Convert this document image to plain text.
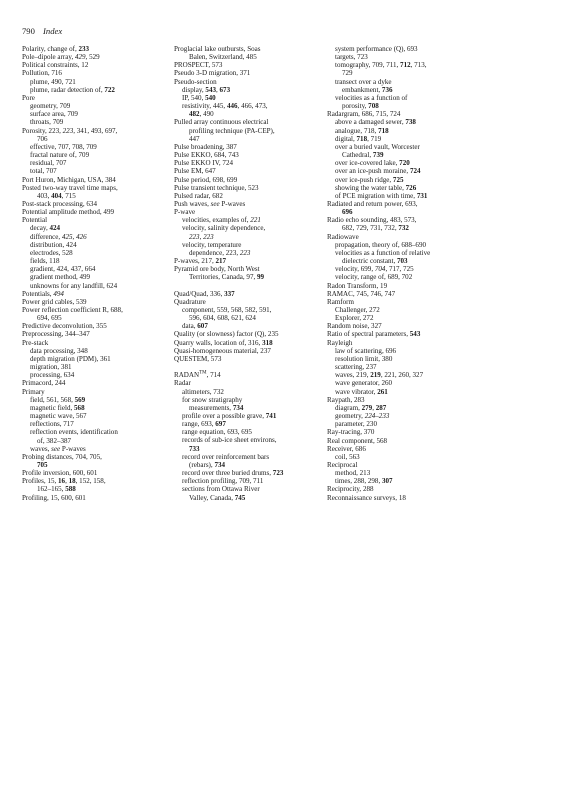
790 Index
Polarity, change of, 233
Pole–dipole array, 429, 529
Political constraints, 12
Pollution, 716
plume, 490, 721
plume, radar detection of, 722
Pore
geometry, 709
surface area, 709
throats, 709
Porosity, 223, 223, 341, 493, 697,
706
effective, 707, 708, 709
fractal nature of, 709
residual, 707
total, 707
Port Huron, Michigan, USA, 384
Posted two-way travel time maps,
403, 404, 715
Post-stack processing, 634
Potential amplitude method, 499
Potential
decay, 424
difference, 425, 426
distribution, 424
electrodes, 528
fields, 118
gradient, 424, 437, 664
gradient method, 499
unknowns for any landfill, 624
Potentials, 494
Power grid cables, 539
Power reflection coefficient R, 688,
694, 695
Predictive deconvolution, 355
Preprocessing, 344–347
Pre-stack
data processing, 348
depth migration (PDM), 361
migration, 381
processing, 634
Primacord, 244
Primary
field, 561, 568, 569
magnetic field, 568
magnetic wave, 567
reflections, 717
reflection events, identification
of, 382–387
waves, see P-waves
Probing distances, 704, 705,
705
Profile inversion, 600, 601
Profiles, 15, 16, 18, 152, 158,
162–165, 588
Profiling, 15, 600, 601
Proglacial lake outbursts, Soas
Balen, Switzerland, 485
PROSPECT, 573
Pseudo 3-D migration, 371
Pseudo-section
display, 543, 673
IP, 540, 540
resistivity, 445, 446, 466, 473,
482, 490
Pulled array continuous electrical
profiling technique (PA-CEP),
447
Pulse broadening, 387
Pulse EKKO, 684, 743
Pulse EKKO IV, 724
Pulse EM, 647
Pulse period, 698, 699
Pulse transient technique, 523
Pulsed radar, 682
Push waves, see P-waves
P-wave
velocities, examples of, 221
velocity, salinity dependence,
223, 223
velocity, temperature
dependence, 223, 223
P-waves, 217, 217
Pyramid ore body, North West
Territories, Canada, 97, 99
Quad/Quad, 336, 337
Quadrature
component, 559, 568, 582, 591,
596, 604, 608, 621, 624
data, 607
Quality (or slowness) factor (Q), 235
Quarry walls, location of, 316, 318
Quasi-homogeneous material, 237
QUESTEM, 573
RADAN™, 714
Radar
altimeters, 732
for snow stratigraphy
measurements, 734
profile over a possible grave, 741
range, 693, 697
range equation, 693, 695
records of sub-ice sheet environs,
733
record over reinforcement bars
(rebars), 734
record over three buried drums, 723
reflection profiling, 709, 711
sections from Ottawa River
Valley, Canada, 745
system performance (Q), 693
targets, 723
tomography, 709, 711, 712, 713,
729
transect over a dyke
embankment, 736
velocities as a function of
porosity, 708
Radargram, 686, 715, 724
above a damaged sewer, 738
analogue, 718, 718
digital, 718, 719
over a buried vault, Worcester
Cathedral, 739
over ice-covered lake, 720
over an ice-push moraine, 724
over ice-push ridge, 725
showing the water table, 726
of PCE migration with time, 731
Radiated and return power, 693,
696
Radio echo sounding, 483, 573,
682, 729, 731, 732, 732
Radiowave
propagation, theory of, 688–690
velocities as a function of relative
dielectric constant, 703
velocity, 699, 704, 717, 725
velocity, range of, 689, 702
Radon Transform, 19
RAMAC, 745, 746, 747
Ramform
Challenger, 272
Explorer, 272
Random noise, 327
Ratio of spectral parameters, 543
Rayleigh
law of scattering, 696
resolution limit, 380
scattering, 237
waves, 219, 219, 221, 260, 327
wave generator, 260
wave vibrator, 261
Raypath, 283
diagram, 279, 287
geometry, 224–233
parameter, 230
Ray-tracing, 370
Real component, 568
Receiver, 686
coil, 563
Reciprocal
method, 213
times, 288, 298, 307
Reciprocity, 288
Reconnaissance surveys, 18
